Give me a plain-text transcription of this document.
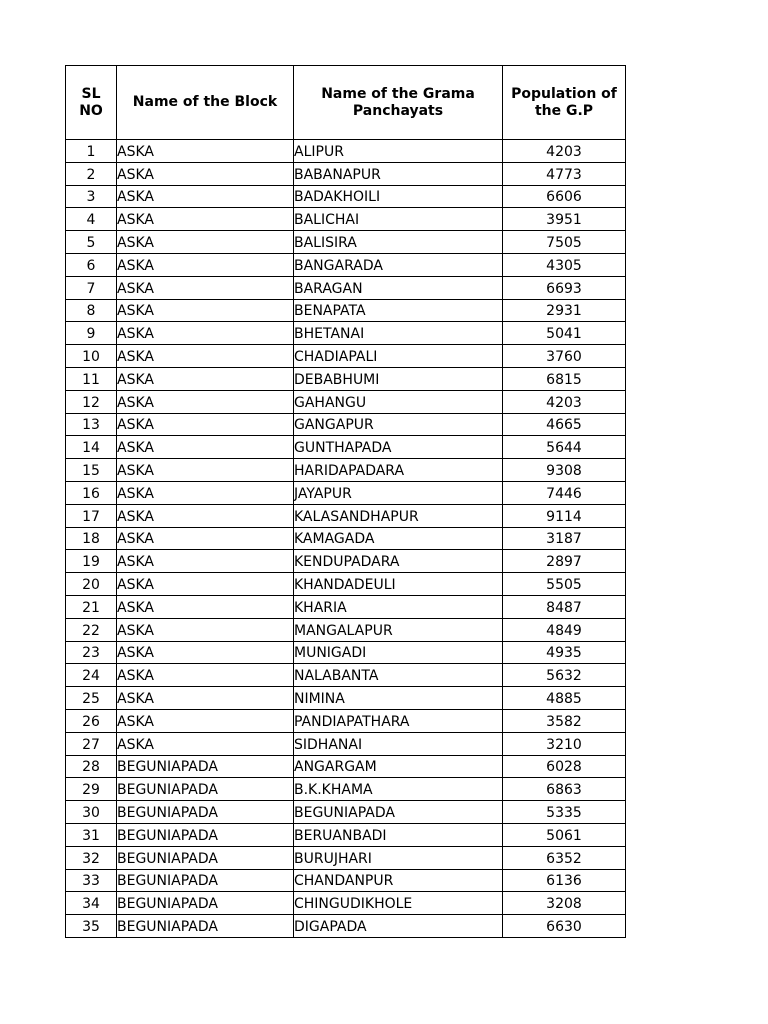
SL NO	Name of the Block	Name of the Grama Panchayats	Population of the G.P
1	ASKA	ALIPUR	4203
2	ASKA	BABANAPUR	4773
3	ASKA	BADAKHOILI	6606
4	ASKA	BALICHAI	3951
5	ASKA	BALISIRA	7505
6	ASKA	BANGARADA	4305
7	ASKA	BARAGAN	6693
8	ASKA	BENAPATA	2931
9	ASKA	BHETANAI	5041
10	ASKA	CHADIAPALI	3760
11	ASKA	DEBABHUMI	6815
12	ASKA	GAHANGU	4203
13	ASKA	GANGAPUR	4665
14	ASKA	GUNTHAPADA	5644
15	ASKA	HARIDAPADARA	9308
16	ASKA	JAYAPUR	7446
17	ASKA	KALASANDHAPUR	9114
18	ASKA	KAMAGADA	3187
19	ASKA	KENDUPADARA	2897
20	ASKA	KHANDADEULI	5505
21	ASKA	KHARIA	8487
22	ASKA	MANGALAPUR	4849
23	ASKA	MUNIGADI	4935
24	ASKA	NALABANTA	5632
25	ASKA	NIMINA	4885
26	ASKA	PANDIAPATHARA	3582
27	ASKA	SIDHANAI	3210
28	BEGUNIAPADA	ANGARGAM	6028
29	BEGUNIAPADA	B.K.KHAMA	6863
30	BEGUNIAPADA	BEGUNIAPADA	5335
31	BEGUNIAPADA	BERUANBADI	5061
32	BEGUNIAPADA	BURUJHARI	6352
33	BEGUNIAPADA	CHANDANPUR	6136
34	BEGUNIAPADA	CHINGUDIKHOLE	3208
35	BEGUNIAPADA	DIGAPADA	6630
